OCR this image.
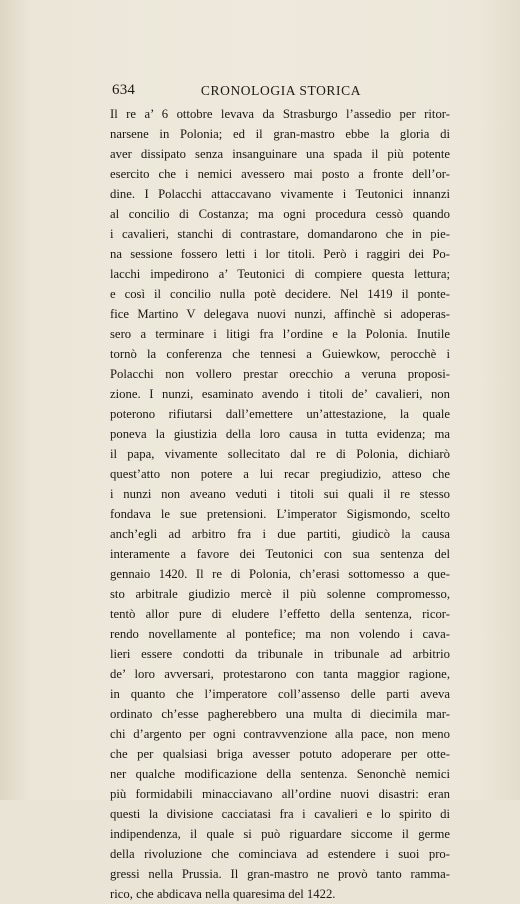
634	CRONOLOGIA STORICA
Il re a’ 6 ottobre levava da Strasburgo l’assedio per ritor-
narsene in Polonia; ed il gran-mastro ebbe la gloria di
aver dissipato senza insanguinare una spada il più potente
esercito che i nemici avessero mai posto a fronte dell’or-
dine. I Polacchi attaccavano vivamente i Teutonici innanzi
al concilio di Costanza; ma ogni procedura cessò quando
i cavalieri, stanchi di contrastare, domandarono che in pie-
na sessione fossero letti i lor titoli. Però i raggiri dei Po-
lacchi impedirono a’ Teutonici di compiere questa lettura;
e così il concilio nulla potè decidere. Nel 1419 il ponte-
fice Martino V delegava nuovi nunzi, affinchè si adoperas-
sero a terminare i litigi fra l’ordine e la Polonia. Inutile
tornò la conferenza che tennesi a Guiewkow, perocchè i
Polacchi non vollero prestar orecchio a veruna proposi-
zione. I nunzi, esaminato avendo i titoli de’ cavalieri, non
poterono rifiutarsi dall’emettere un’attestazione, la quale
poneva la giustizia della loro causa in tutta evidenza; ma
il papa, vivamente sollecitato dal re di Polonia, dichiarò
quest’atto non potere a lui recar pregiudizio, atteso che
i nunzi non aveano veduti i titoli sui quali il re stesso
fondava le sue pretensioni. L’imperator Sigismondo, scelto
anch’egli ad arbitro fra i due partiti, giudicò la causa
interamente a favore dei Teutonici con sua sentenza del
gennaio 1420. Il re di Polonia, ch’erasi sottomesso a que-
sto arbitrale giudizio mercè il più solenne compromesso,
tentò allor pure di eludere l’effetto della sentenza, ricor-
rendo novellamente al pontefice; ma non volendo i cava-
lieri essere condotti da tribunale in tribunale ad arbitrio
de’ loro avversari, protestarono con tanta maggior ragione,
in quanto che l’imperatore coll’assenso delle parti aveva
ordinato ch’esse pagherebbero una multa di diecimila mar-
chi d’argento per ogni contravvenzione alla pace, non meno
che per qualsiasi briga avesser potuto adoperare per otte-
ner qualche modificazione della sentenza. Senonchè nemici
più formidabili minacciavano all’ordine nuovi disastri: eran
questi la divisione cacciatasi fra i cavalieri e lo spirito di
indipendenza, il quale si può riguardare siccome il germe
della rivoluzione che cominciava ad estendere i suoi pro-
gressi nella Prussia. Il gran-mastro ne provò tanto ramma-
rico, che abdicava nella quaresima del 1422.
